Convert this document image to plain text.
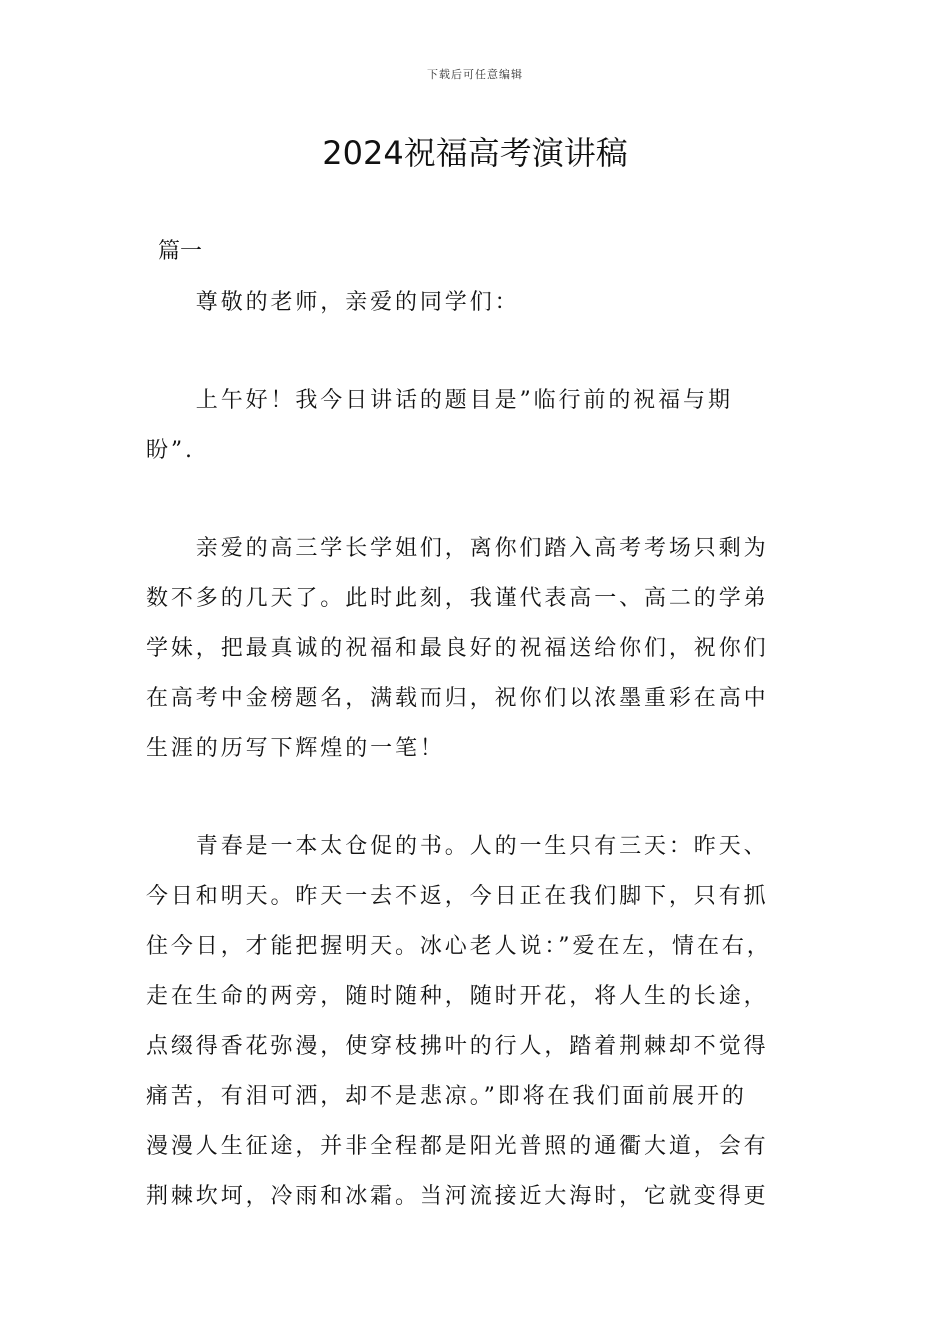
下载后可任意编辑
2024祝福高考演讲稿

篇一

　　尊敬的老师，亲爱的同学们：

　　上午好！我今日讲话的题目是”临行前的祝福与期
盼”.

　　亲爱的高三学长学姐们，离你们踏入高考考场只剩为
数不多的几天了。此时此刻，我谨代表高一、高二的学弟
学妹，把最真诚的祝福和最良好的祝福送给你们，祝你们
在高考中金榜题名，满载而归，祝你们以浓墨重彩在高中
生涯的历写下辉煌的一笔！

　　青春是一本太仓促的书。人的一生只有三天：昨天、
今日和明天。昨天一去不返，今日正在我们脚下，只有抓
住今日，才能把握明天。冰心老人说：”爱在左，情在右，
走在生命的两旁，随时随种，随时开花，将人生的长途，
点缀得香花弥漫，使穿枝拂叶的行人，踏着荆棘却不觉得
痛苦，有泪可洒，却不是悲凉。”即将在我们面前展开的
漫漫人生征途，并非全程都是阳光普照的通衢大道，会有
荆棘坎坷，冷雨和冰霜。当河流接近大海时，它就变得更
